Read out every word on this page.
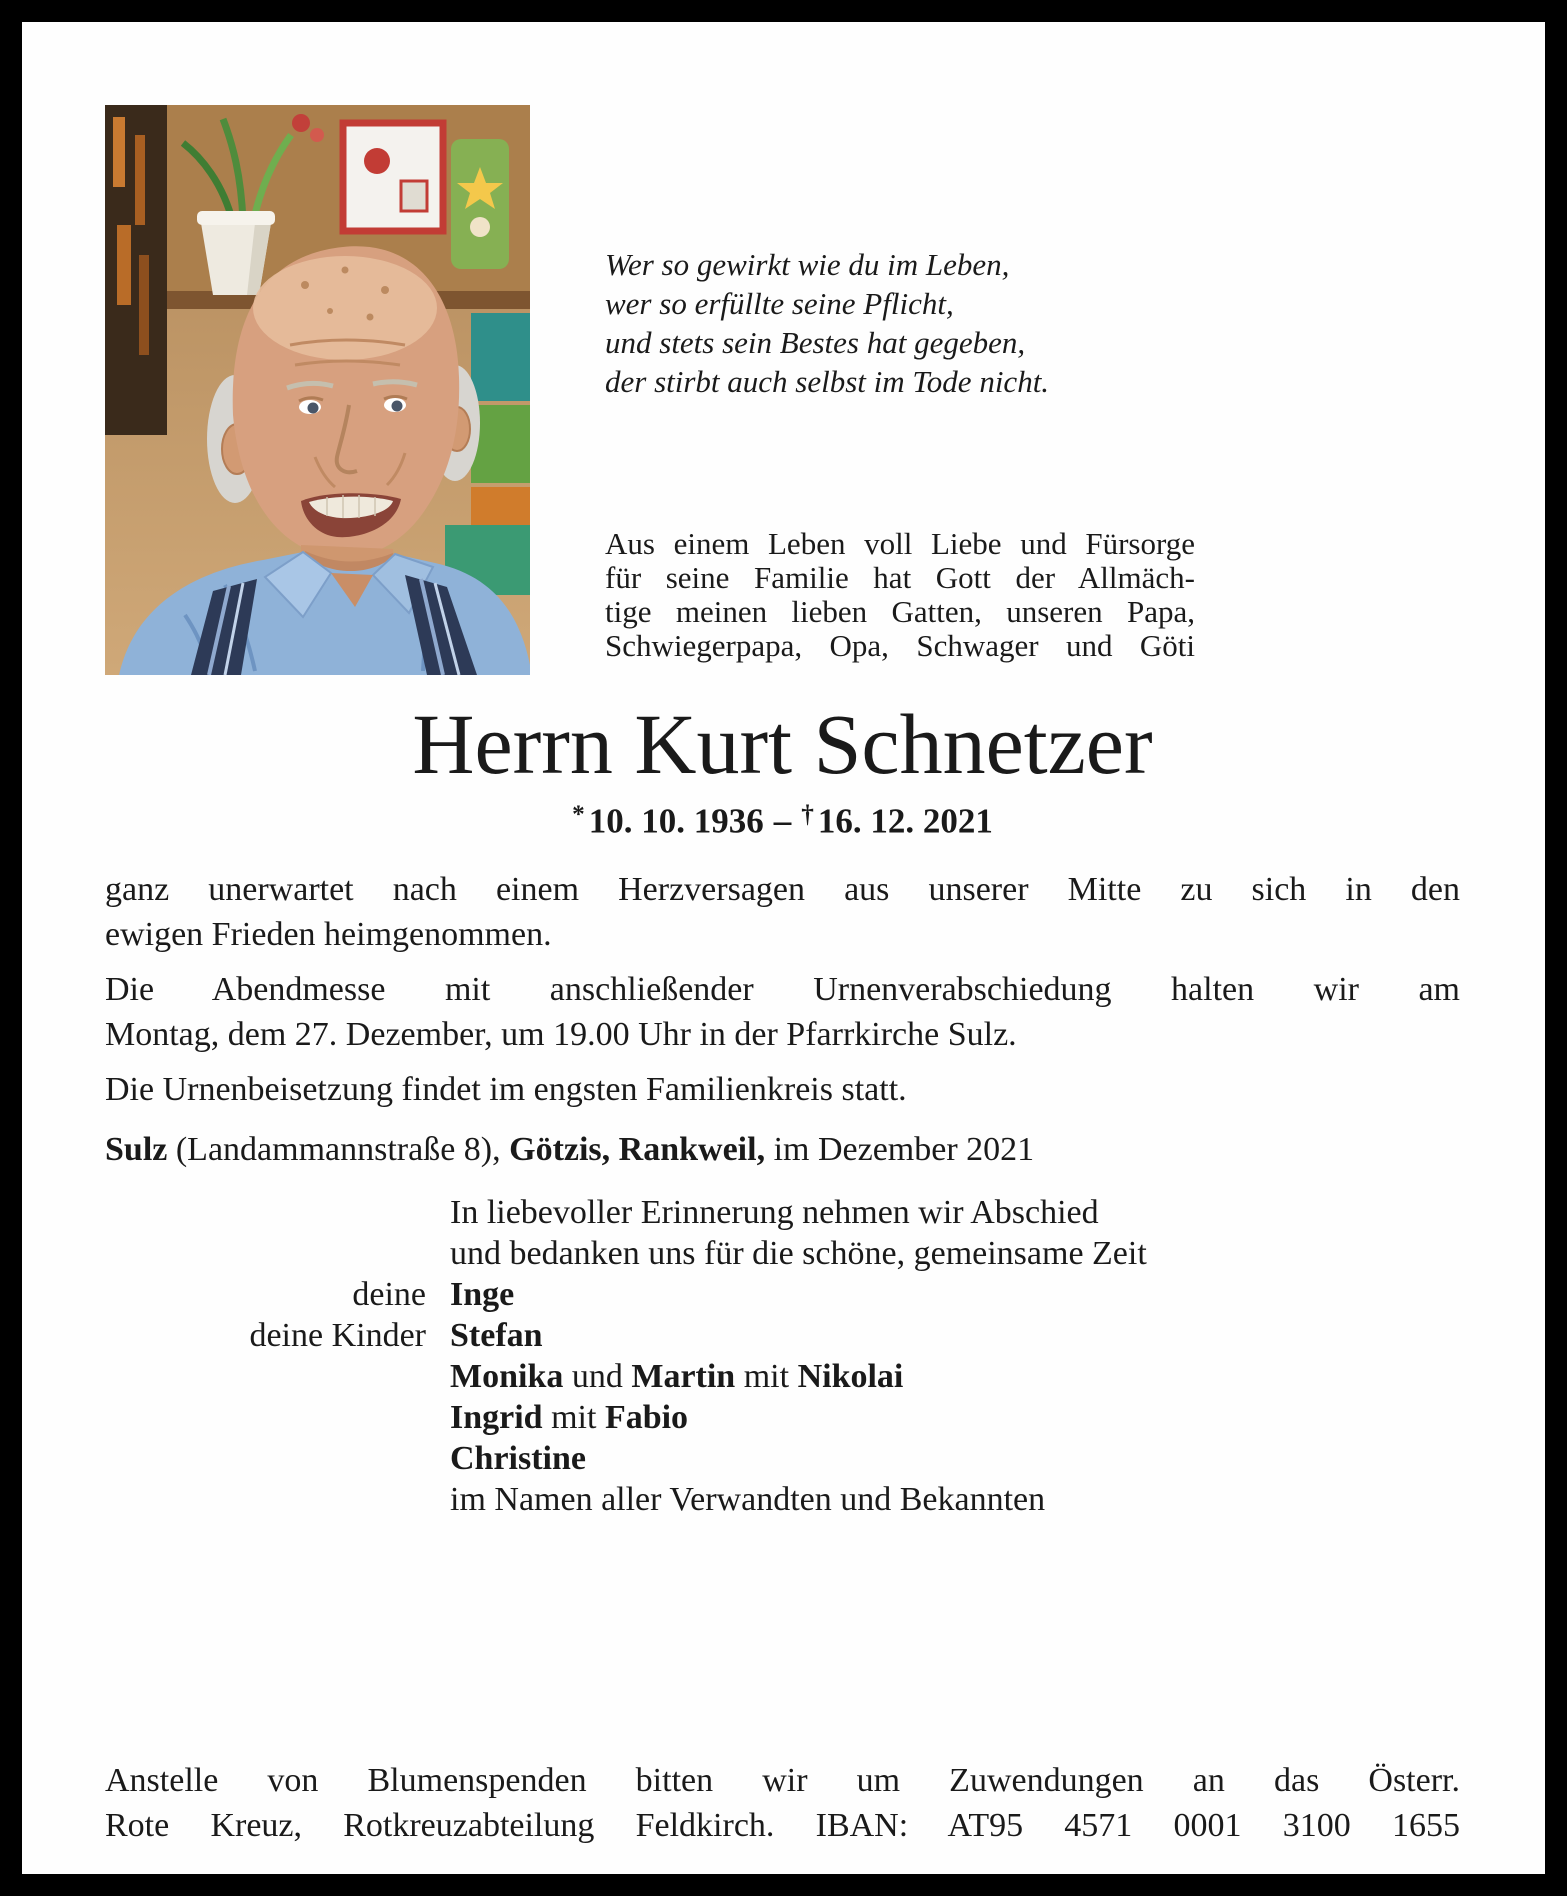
Wer so gewirkt wie du im Leben,
wer so erfüllte seine Pflicht,
und stets sein Bestes hat gegeben,
der stirbt auch selbst im Tode nicht.
Aus einem Leben voll Liebe und Fürsorge
für seine Familie hat Gott der Allmäch-
tige meinen lieben Gatten, unseren Papa,
Schwiegerpapa, Opa, Schwager und Göti
Herrn Kurt Schnetzer
* 10. 10. 1936 – † 16. 12. 2021
ganz unerwartet nach einem Herzversagen aus unserer Mitte zu sich in den
ewigen Frieden heimgenommen.
Die Abendmesse mit anschließender Urnenverabschiedung halten wir am
Montag, dem 27. Dezember, um 19.00 Uhr in der Pfarrkirche Sulz.
Die Urnenbeisetzung findet im engsten Familienkreis statt.
Sulz (Landammannstraße 8), Götzis, Rankweil, im Dezember 2021
In liebevoller Erinnerung nehmen wir Abschied
und bedanken uns für die schöne, gemeinsame Zeit
deine Inge
deine Kinder Stefan
Monika und Martin mit Nikolai
Ingrid mit Fabio
Christine
im Namen aller Verwandten und Bekannten
Anstelle von Blumenspenden bitten wir um Zuwendungen an das Österr.
Rote Kreuz, Rotkreuzabteilung Feldkirch. IBAN: AT95 4571 0001 3100 1655
